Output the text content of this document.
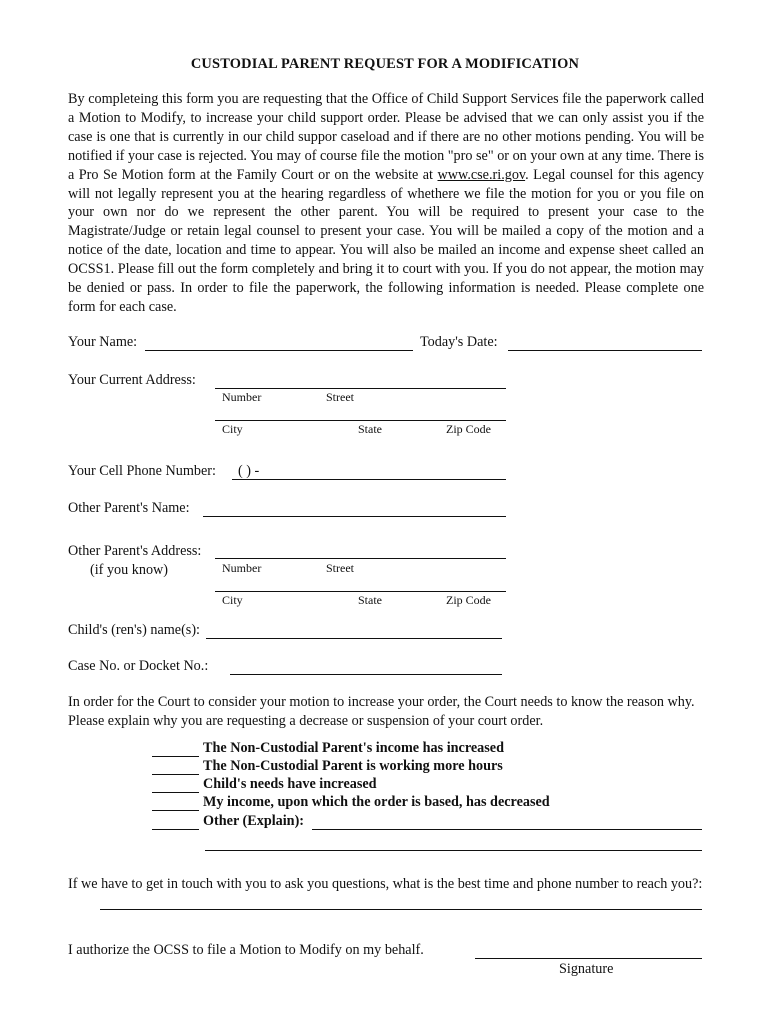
CUSTODIAL PARENT REQUEST FOR A MODIFICATION
By completeing this form you are requesting that the Office of Child Support Services file the paperwork called a Motion to Modify, to increase your child support order. Please be advised that we can only assist you if the case is one that is currently in our child suppor caseload and if there are no other motions pending. You will be notified if your case is rejected. You may of course file the motion "pro se" or on your own at any time. There is a Pro Se Motion form at the Family Court or on the website at www.cse.ri.gov. Legal counsel for this agency will not legally represent you at the hearing regardless of whethere we file the motion for you or you file on your own nor do we represent the other parent. You will be required to present your case to the Magistrate/Judge or retain legal counsel to present your case. You will be mailed a copy of the motion and a notice of the date, location and time to appear. You will also be mailed an income and expense sheet called an OCSS1. Please fill out the form completely and bring it to court with you. If you do not appear, the motion may be denied or pass. In order to file the paperwork, the following information is needed. Please complete one form for each case.
Your Name:	Today's Date:
Your Current Address:
Number	Street
City	State	Zip Code
Your Cell Phone Number: ( ) -
Other Parent's Name:
Other Parent's Address:
(if you know)	Number	Street
City	State	Zip Code
Child's (ren's) name(s):
Case No. or Docket No.:
In order for the Court to consider your motion to increase your order, the Court needs to know the reason why. Please explain why you are requesting a decrease or suspension of your court order.
The Non-Custodial Parent's income has increased
The Non-Custodial Parent is working more hours
Child's needs have increased
My income, upon which the order is based, has decreased
Other (Explain):
If we have to get in touch with you to ask you questions, what is the best time and phone number to reach you?:
I authorize the OCSS to file a Motion to Modify on my behalf.
Signature
